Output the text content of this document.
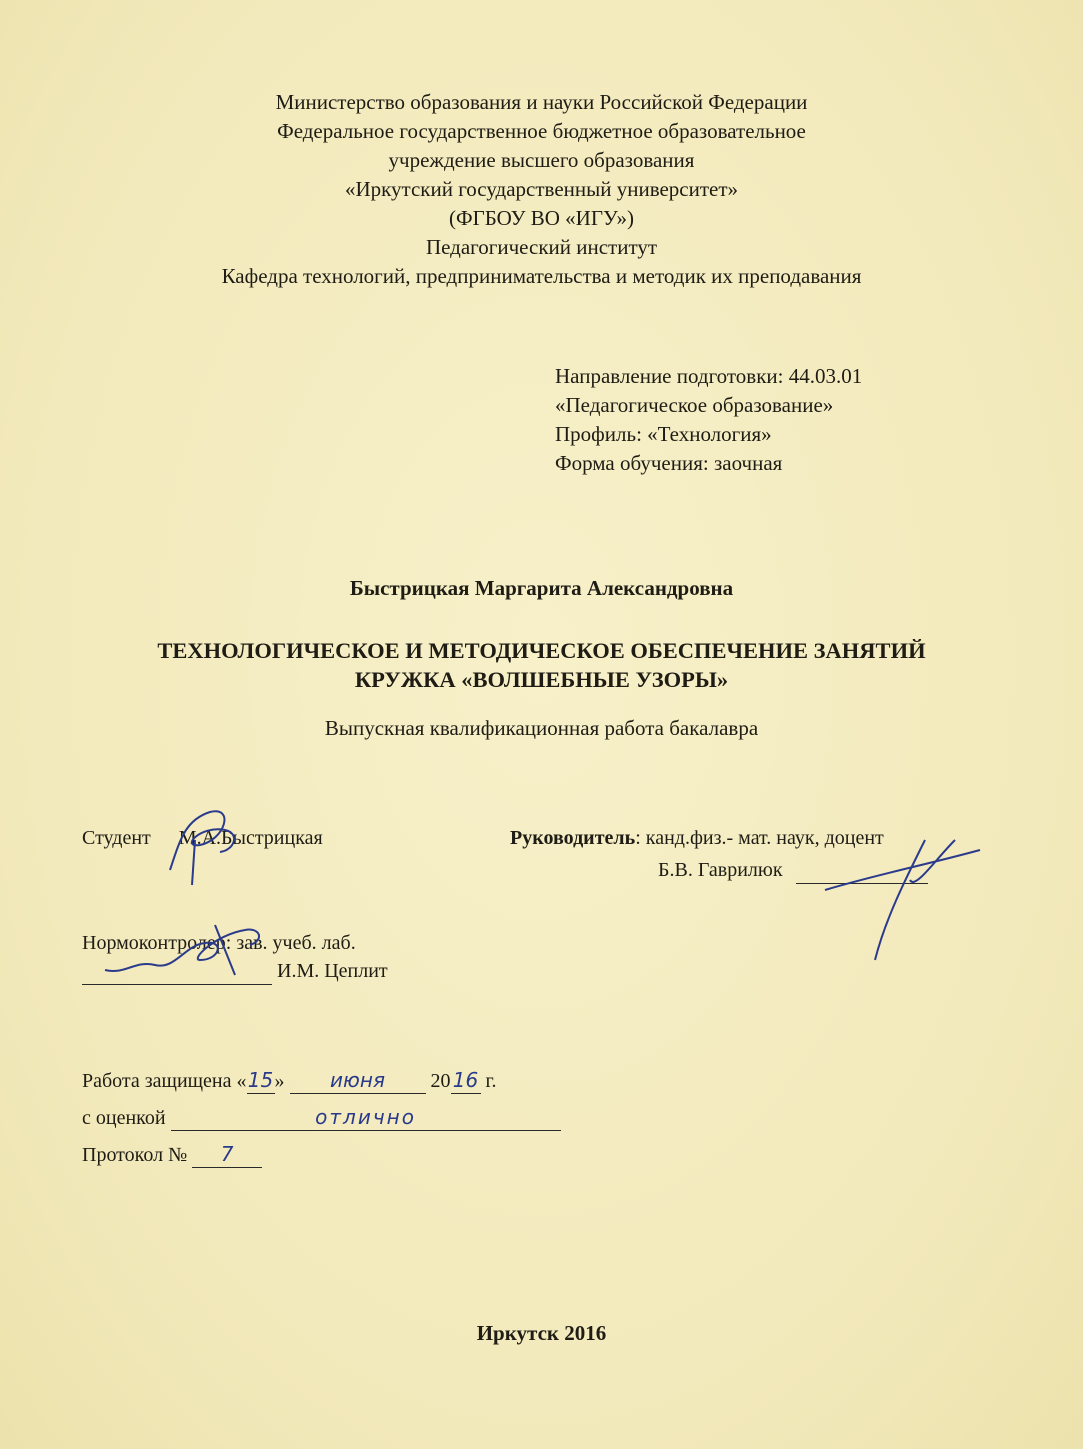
Министерство образования и науки Российской Федерации
Федеральное государственное бюджетное образовательное
учреждение высшего образования
«Иркутский государственный университет»
(ФГБОУ ВО «ИГУ»)
Педагогический институт
Кафедра технологий, предпринимательства и методик их преподавания
Направление подготовки: 44.03.01
«Педагогическое образование»
Профиль: «Технология»
Форма обучения: заочная
Быстрицкая Маргарита Александровна
ТЕХНОЛОГИЧЕСКОЕ И МЕТОДИЧЕСКОЕ ОБЕСПЕЧЕНИЕ ЗАНЯТИЙ
КРУЖКА «ВОЛШЕБНЫЕ УЗОРЫ»
Выпускная квалификационная работа бакалавра
Студент М.А.Быстрицкая	Руководитель: канд.физ.- мат. наук, доцент
Б.В. Гаврилюк
Нормоконтролер: зав. учеб. лаб.
И.М. Цеплит
Работа защищена «15» июня 20 16 г.
с оценкой	отлично
Протокол № 7
Иркутск 2016
